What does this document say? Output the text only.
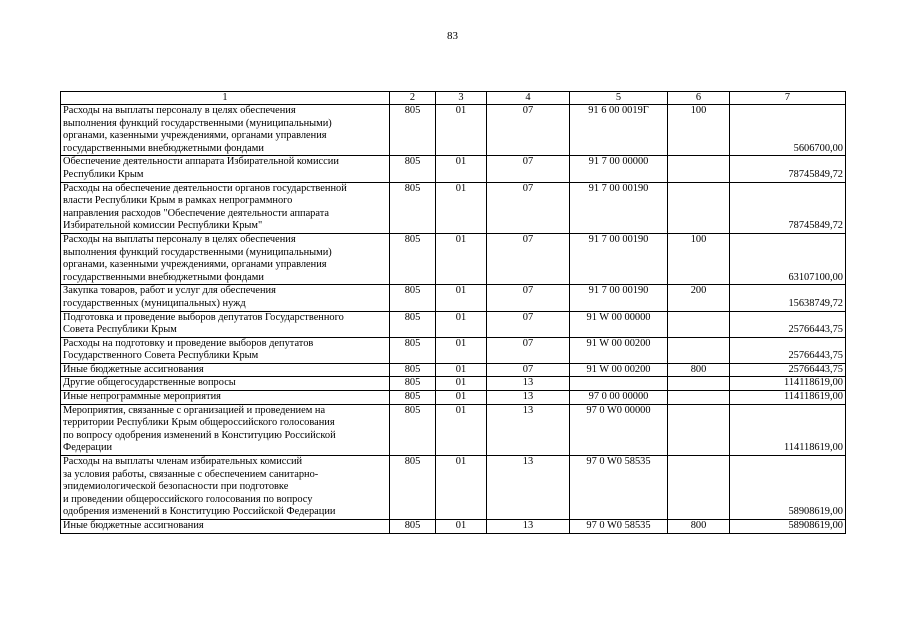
83
1	2	3	4	5	6	7
Расходы на выплаты персоналу в целях обеспечения
выполнения функций государственными (муниципальными)
органами, казенными учреждениями, органами управления
государственными внебюджетными фондами	805	01	07	91 6 00 0019Г	100	5606700,00
Обеспечение деятельности аппарата Избирательной комиссии
Республики Крым	805	01	07	91 7 00 00000		78745849,72
Расходы на обеспечение деятельности органов государственной
власти Республики Крым в рамках непрограммного
направления расходов "Обеспечение деятельности аппарата
Избирательной комиссии Республики Крым"	805	01	07	91 7 00 00190		78745849,72
Расходы на выплаты персоналу в целях обеспечения
выполнения функций государственными (муниципальными)
органами, казенными учреждениями, органами управления
государственными внебюджетными фондами	805	01	07	91 7 00 00190	100	63107100,00
Закупка товаров, работ и услуг для обеспечения
государственных (муниципальных) нужд	805	01	07	91 7 00 00190	200	15638749,72
Подготовка и проведение выборов депутатов Государственного
Совета Республики Крым	805	01	07	91 W 00 00000		25766443,75
Расходы на подготовку и проведение выборов депутатов
Государственного Совета Республики Крым	805	01	07	91 W 00 00200		25766443,75
Иные бюджетные ассигнования	805	01	07	91 W 00 00200	800	25766443,75
Другие общегосударственные вопросы	805	01	13			114118619,00
Иные непрограммные мероприятия	805	01	13	97 0 00 00000		114118619,00
Мероприятия, связанные с организацией и проведением на
территории Республики Крым общероссийского голосования
по вопросу одобрения изменений в Конституцию Российской
Федерации	805	01	13	97 0 W0 00000		114118619,00
Расходы на выплаты членам избирательных комиссий
за условия работы, связанные с обеспечением санитарно-
эпидемиологической безопасности при подготовке
и проведении общероссийского голосования по вопросу
одобрения изменений в Конституцию Российской Федерации	805	01	13	97 0 W0 58535		58908619,00
Иные бюджетные ассигнования	805	01	13	97 0 W0 58535	800	58908619,00
